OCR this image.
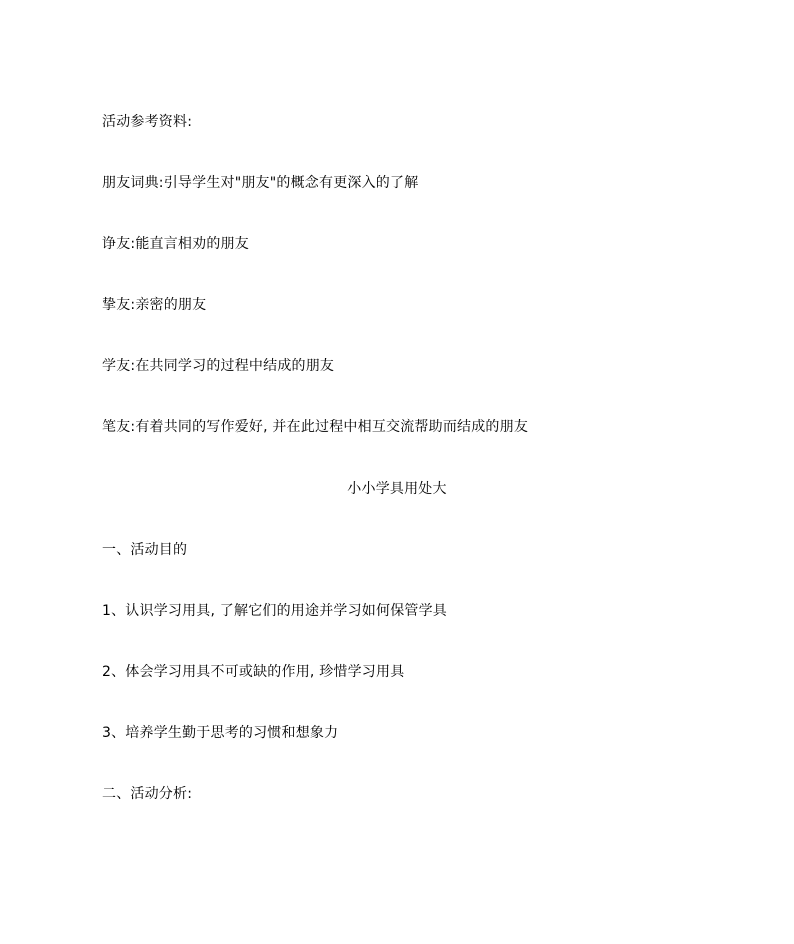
活动参考资料:
朋友词典:引导学生对"朋友"的概念有更深入的了解
诤友:能直言相劝的朋友
挚友:亲密的朋友
学友:在共同学习的过程中结成的朋友
笔友:有着共同的写作爱好, 并在此过程中相互交流帮助而结成的朋友
小小学具用处大
一、活动目的
1、认识学习用具, 了解它们的用途并学习如何保管学具
2、体会学习用具不可或缺的作用, 珍惜学习用具
3、培养学生勤于思考的习惯和想象力
二、活动分析:
